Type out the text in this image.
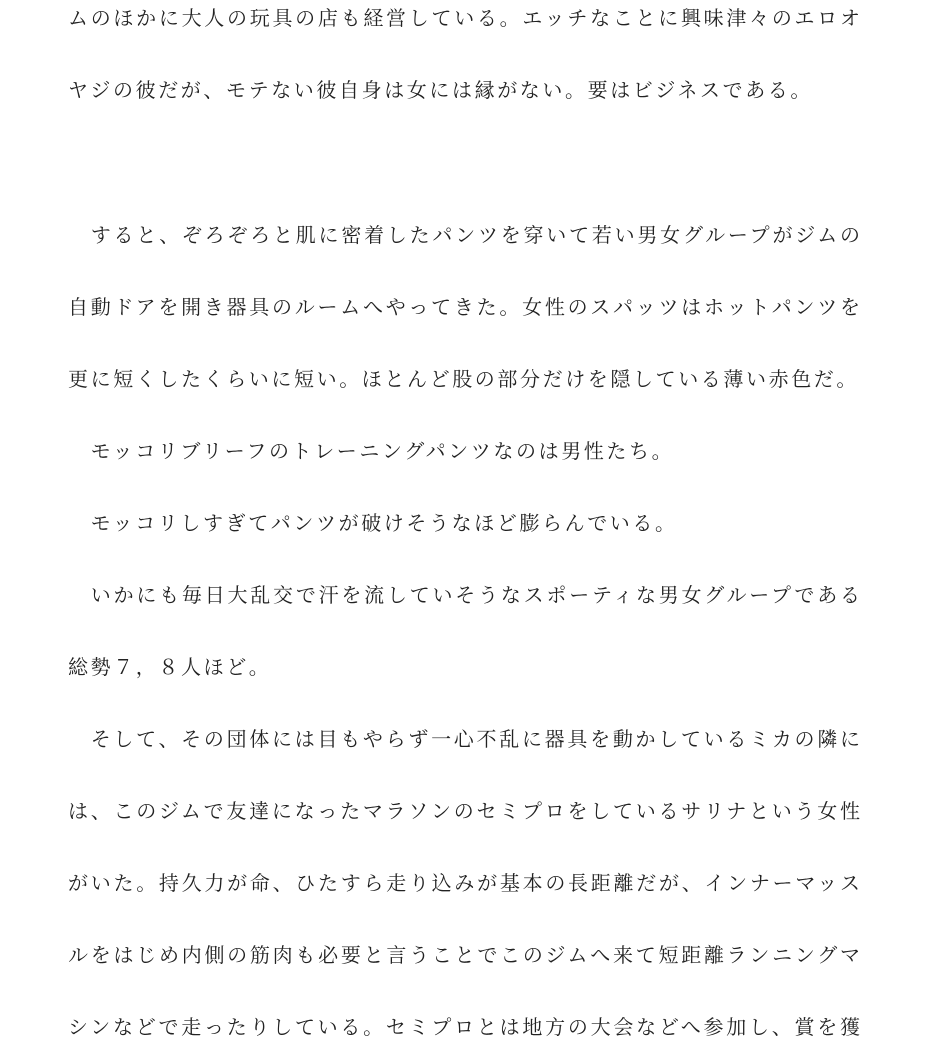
ムのほかに大人の玩具の店も経営している。エッチなことに興味津々のエロオ
ヤジの彼だが、モテない彼自身は女には縁がない。要はビジネスである。
　すると、ぞろぞろと肌に密着したパンツを穿いて若い男女グループがジムの
自動ドアを開き器具のルームへやってきた。女性のスパッツはホットパンツを
更に短くしたくらいに短い。ほとんど股の部分だけを隠している薄い赤色だ。
　モッコリブリーフのトレーニングパンツなのは男性たち。
　モッコリしすぎてパンツが破けそうなほど膨らんでいる。
　いかにも毎日大乱交で汗を流していそうなスポーティな男女グループである
総勢７，８人ほど。
　そして、その団体には目もやらず一心不乱に器具を動かしているミカの隣に
は、このジムで友達になったマラソンのセミプロをしているサリナという女性
がいた。持久力が命、ひたすら走り込みが基本の長距離だが、インナーマッス
ルをはじめ内側の筋肉も必要と言うことでこのジムへ来て短距離ランニングマ
シンなどで走ったりしている。セミプロとは地方の大会などへ参加し、賞を獲
